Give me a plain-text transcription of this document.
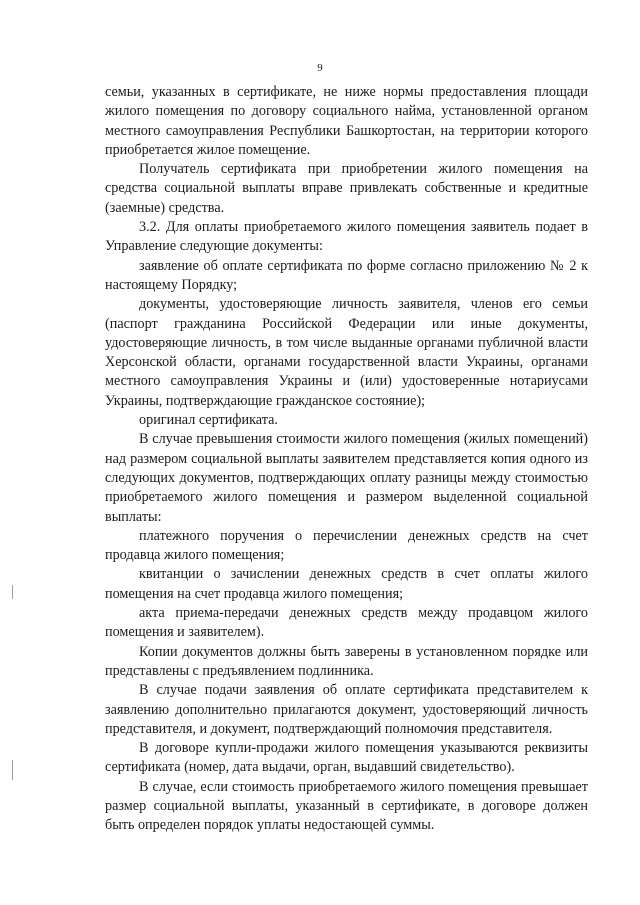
9

семьи, указанных в сертификате, не ниже нормы предоставления площади жилого помещения по договору социального найма, установленной органом местного самоуправления Республики Башкортостан, на территории которого приобретается жилое помещение.

Получатель сертификата при приобретении жилого помещения на средства социальной выплаты вправе привлекать собственные и кредитные (заемные) средства.

3.2. Для оплаты приобретаемого жилого помещения заявитель подает в Управление следующие документы:

заявление об оплате сертификата по форме согласно приложению № 2 к настоящему Порядку;

документы, удостоверяющие личность заявителя, членов его семьи (паспорт гражданина Российской Федерации или иные документы, удостоверяющие личность, в том числе выданные органами публичной власти Херсонской области, органами государственной власти Украины, органами местного самоуправления Украины и (или) удостоверенные нотариусами Украины, подтверждающие гражданское состояние);

оригинал сертификата.

В случае превышения стоимости жилого помещения (жилых помещений) над размером социальной выплаты заявителем представляется копия одного из следующих документов, подтверждающих оплату разницы между стоимостью приобретаемого жилого помещения и размером выделенной социальной выплаты:

платежного поручения о перечислении денежных средств на счет продавца жилого помещения;

квитанции о зачислении денежных средств в счет оплаты жилого помещения на счет продавца жилого помещения;

акта приема-передачи денежных средств между продавцом жилого помещения и заявителем).

Копии документов должны быть заверены в установленном порядке или представлены с предъявлением подлинника.

В случае подачи заявления об оплате сертификата представителем к заявлению дополнительно прилагаются документ, удостоверяющий личность представителя, и документ, подтверждающий полномочия представителя.

В договоре купли-продажи жилого помещения указываются реквизиты сертификата (номер, дата выдачи, орган, выдавший свидетельство).

В случае, если стоимость приобретаемого жилого помещения превышает размер социальной выплаты, указанный в сертификате, в договоре должен быть определен порядок уплаты недостающей суммы.
